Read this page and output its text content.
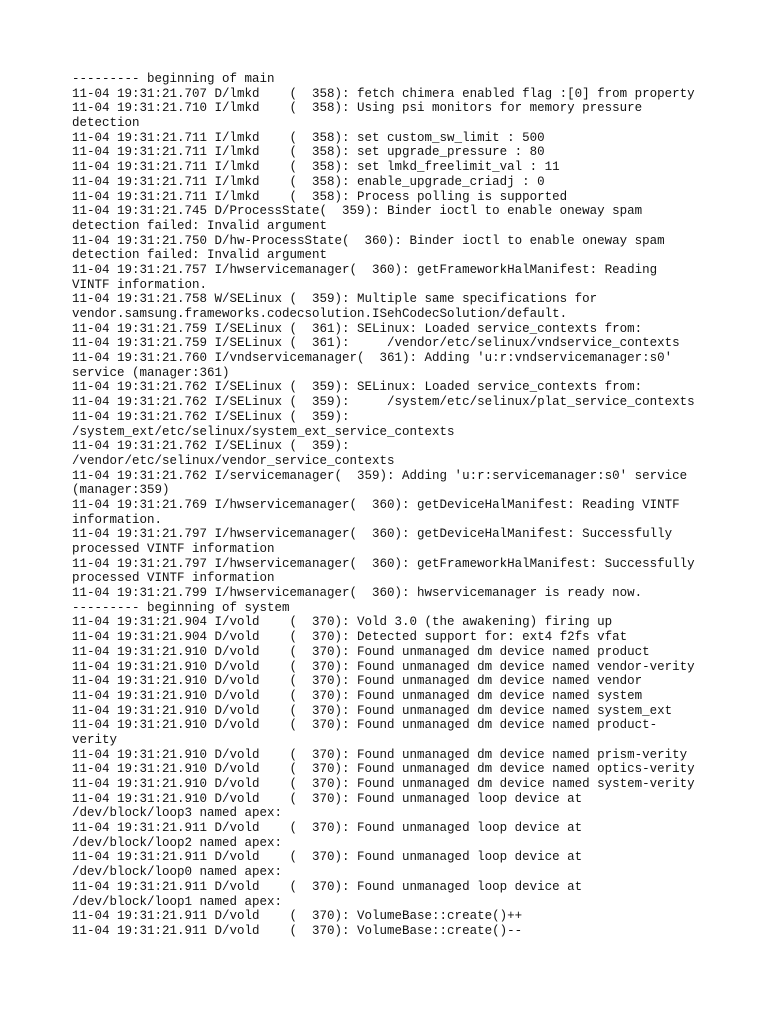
--------- beginning of main
11-04 19:31:21.707 D/lmkd    (  358): fetch chimera enabled flag :[0] from property
11-04 19:31:21.710 I/lmkd    (  358): Using psi monitors for memory pressure
detection
11-04 19:31:21.711 I/lmkd    (  358): set custom_sw_limit : 500
11-04 19:31:21.711 I/lmkd    (  358): set upgrade_pressure : 80
11-04 19:31:21.711 I/lmkd    (  358): set lmkd_freelimit_val : 11
11-04 19:31:21.711 I/lmkd    (  358): enable_upgrade_criadj : 0
11-04 19:31:21.711 I/lmkd    (  358): Process polling is supported
11-04 19:31:21.745 D/ProcessState(  359): Binder ioctl to enable oneway spam
detection failed: Invalid argument
11-04 19:31:21.750 D/hw-ProcessState(  360): Binder ioctl to enable oneway spam
detection failed: Invalid argument
11-04 19:31:21.757 I/hwservicemanager(  360): getFrameworkHalManifest: Reading
VINTF information.
11-04 19:31:21.758 W/SELinux (  359): Multiple same specifications for
vendor.samsung.frameworks.codecsolution.ISehCodecSolution/default.
11-04 19:31:21.759 I/SELinux (  361): SELinux: Loaded service_contexts from:
11-04 19:31:21.759 I/SELinux (  361):     /vendor/etc/selinux/vndservice_contexts
11-04 19:31:21.760 I/vndservicemanager(  361): Adding 'u:r:vndservicemanager:s0'
service (manager:361)
11-04 19:31:21.762 I/SELinux (  359): SELinux: Loaded service_contexts from:
11-04 19:31:21.762 I/SELinux (  359):     /system/etc/selinux/plat_service_contexts
11-04 19:31:21.762 I/SELinux (  359):
/system_ext/etc/selinux/system_ext_service_contexts
11-04 19:31:21.762 I/SELinux (  359):
/vendor/etc/selinux/vendor_service_contexts
11-04 19:31:21.762 I/servicemanager(  359): Adding 'u:r:servicemanager:s0' service
(manager:359)
11-04 19:31:21.769 I/hwservicemanager(  360): getDeviceHalManifest: Reading VINTF
information.
11-04 19:31:21.797 I/hwservicemanager(  360): getDeviceHalManifest: Successfully
processed VINTF information
11-04 19:31:21.797 I/hwservicemanager(  360): getFrameworkHalManifest: Successfully
processed VINTF information
11-04 19:31:21.799 I/hwservicemanager(  360): hwservicemanager is ready now.
--------- beginning of system
11-04 19:31:21.904 I/vold    (  370): Vold 3.0 (the awakening) firing up
11-04 19:31:21.904 D/vold    (  370): Detected support for: ext4 f2fs vfat
11-04 19:31:21.910 D/vold    (  370): Found unmanaged dm device named product
11-04 19:31:21.910 D/vold    (  370): Found unmanaged dm device named vendor-verity
11-04 19:31:21.910 D/vold    (  370): Found unmanaged dm device named vendor
11-04 19:31:21.910 D/vold    (  370): Found unmanaged dm device named system
11-04 19:31:21.910 D/vold    (  370): Found unmanaged dm device named system_ext
11-04 19:31:21.910 D/vold    (  370): Found unmanaged dm device named product-
verity
11-04 19:31:21.910 D/vold    (  370): Found unmanaged dm device named prism-verity
11-04 19:31:21.910 D/vold    (  370): Found unmanaged dm device named optics-verity
11-04 19:31:21.910 D/vold    (  370): Found unmanaged dm device named system-verity
11-04 19:31:21.910 D/vold    (  370): Found unmanaged loop device at
/dev/block/loop3 named apex:
11-04 19:31:21.911 D/vold    (  370): Found unmanaged loop device at
/dev/block/loop2 named apex:
11-04 19:31:21.911 D/vold    (  370): Found unmanaged loop device at
/dev/block/loop0 named apex:
11-04 19:31:21.911 D/vold    (  370): Found unmanaged loop device at
/dev/block/loop1 named apex:
11-04 19:31:21.911 D/vold    (  370): VolumeBase::create()++
11-04 19:31:21.911 D/vold    (  370): VolumeBase::create()--
